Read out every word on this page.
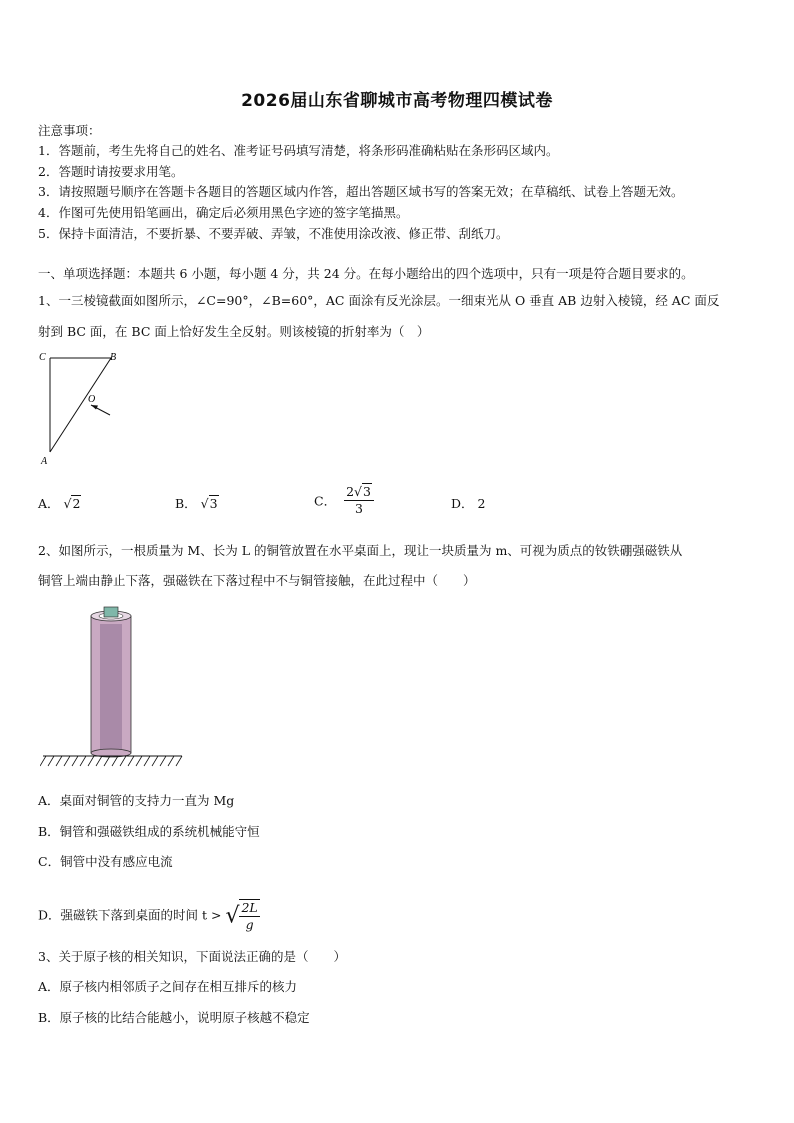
2026届山东省聊城市高考物理四模试卷
注意事项：
1．答题前，考生先将自己的姓名、准考证号码填写清楚，将条形码准确粘贴在条形码区域内。
2．答题时请按要求用笔。
3．请按照题号顺序在答题卡各题目的答题区域内作答，超出答题区域书写的答案无效；在草稿纸、试卷上答题无效。
4．作图可先使用铅笔画出，确定后必须用黑色字迹的签字笔描黑。
5．保持卡面清洁，不要折暴、不要弄破、弄皱，不准使用涂改液、修正带、刮纸刀。
一、单项选择题：本题共 6 小题，每小题 4 分，共 24 分。在每小题给出的四个选项中，只有一项是符合题目要求的。
1、一三棱镜截面如图所示，∠C=90°，∠B=60°，AC 面涂有反光涂层。一细束光从 O 垂直 AB 边射入棱镜，经 AC 面反
射到 BC 面，在 BC 面上恰好发生全反射。则该棱镜的折射率为（　）
C	B
O
A
A． √2	B． √3	C． $\frac{2√3}{3}$	D． 2
2、如图所示，一根质量为 M、长为 L 的铜管放置在水平桌面上，现让一块质量为 m、可视为质点的钕铁硼强磁铁从
铜管上端由静止下落，强磁铁在下落过程中不与铜管接触，在此过程中（　　）
A．桌面对铜管的支持力一直为 Mg
B．铜管和强磁铁组成的系统机械能守恒
C．铜管中没有感应电流
D．强磁铁下落到桌面的时间 t > √ $\frac{2L}{g}$
3、关于原子核的相关知识，下面说法正确的是（　　）
A．原子核内相邻质子之间存在相互排斥的核力
B．原子核的比结合能越小，说明原子核越不稳定
